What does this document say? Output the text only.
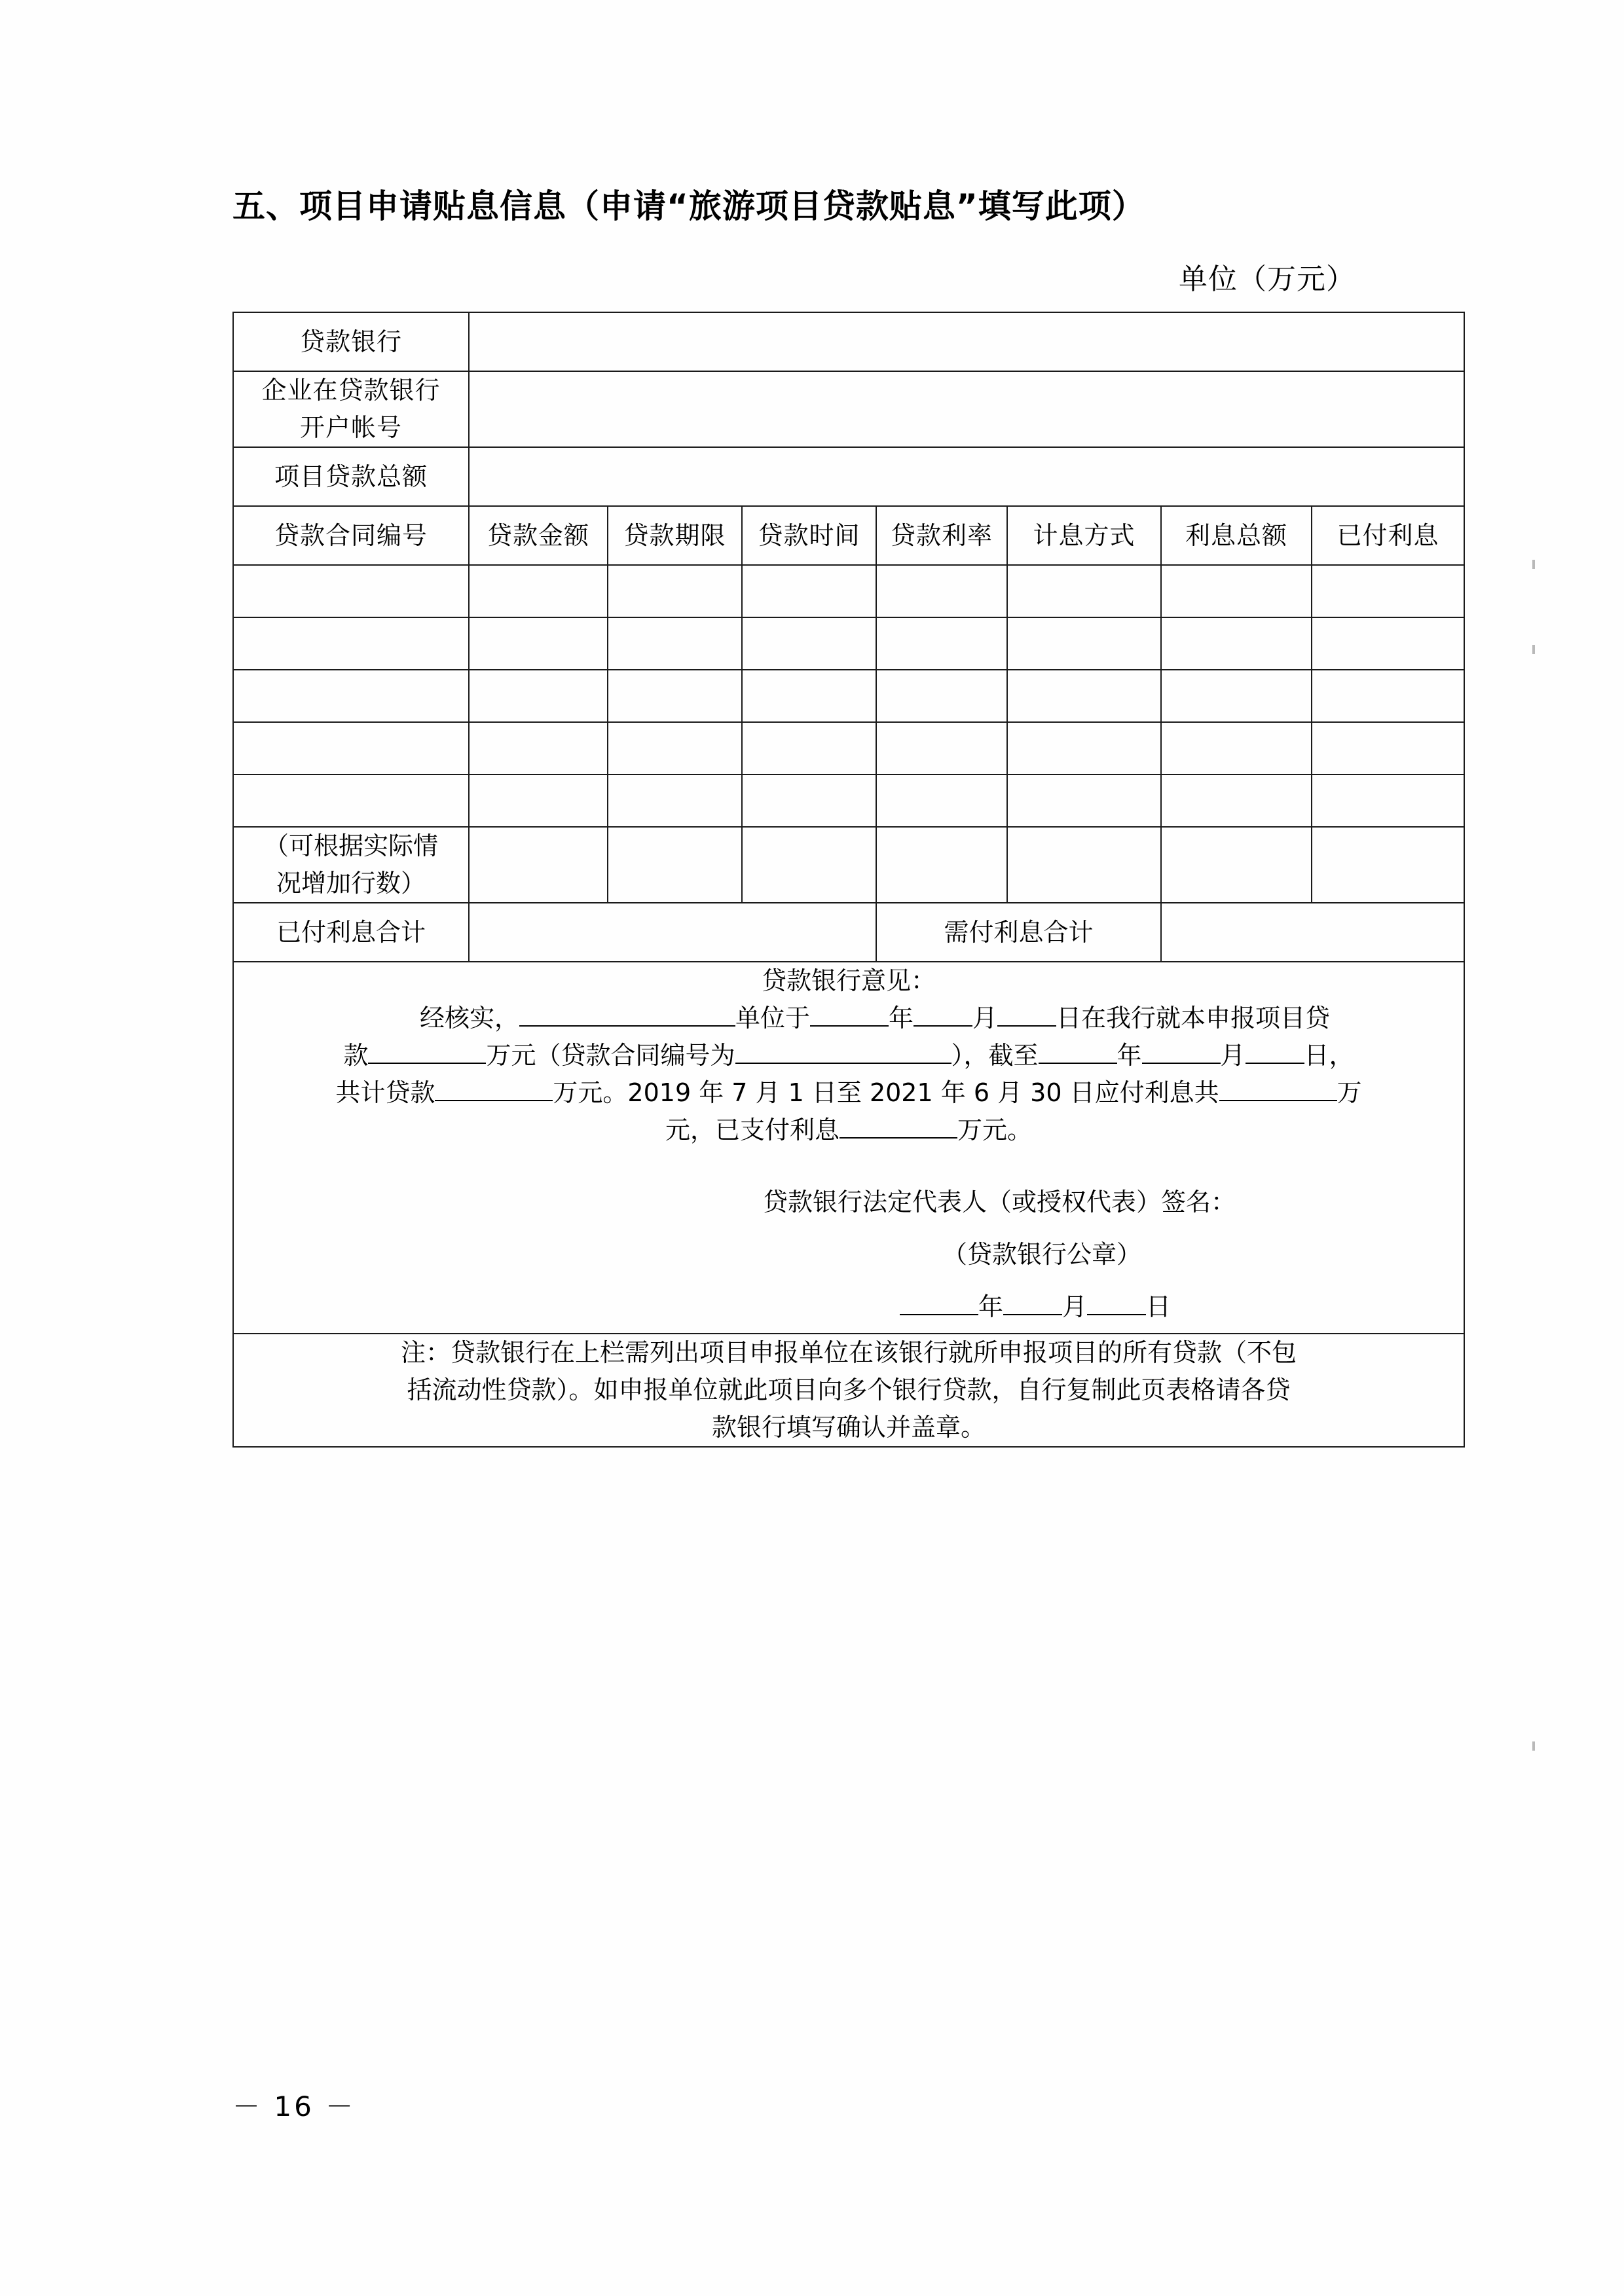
五、项目申请贴息信息（申请“旅游项目贷款贴息”填写此项）
单位（万元）
贷款银行							

企业在贷款银行
开户帐号							

项目贷款总额							
贷款合同编号	贷款金额	贷款期限	贷款时间	贷款利率	计息方式	利息总额	已付利息

（可根据实际情
况增加行数）							

已付利息合计				需付利息合计			

贷款银行意见：

经核实，	单位于	年 月 日在我行就本申报项目贷

款	万元（贷款合同编号为	），截至	年	月 日，

共计贷款	万元。2019 年 7 月 1 日至 2021 年 6 月 30 日应付利息共	万

元，已支付利息	万元。

贷款银行法定代表人（或授权代表）签名：

（贷款银行公章）

年 月 日

注：贷款银行在上栏需列出项目申报单位在该银行就所申报项目的所有贷款（不包
括流动性贷款）。如申报单位就此项目向多个银行贷款，自行复制此页表格请各贷
款银行填写确认并盖章。							
－ 16 －
